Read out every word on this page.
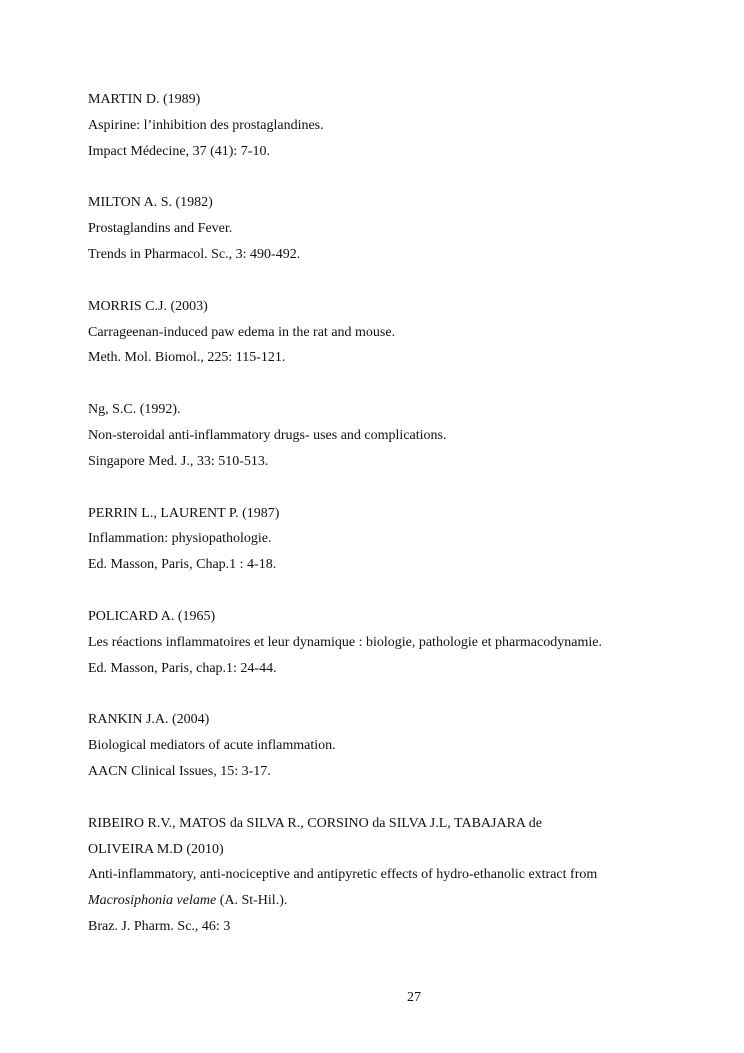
MARTIN D. (1989)
Aspirine: l’inhibition des prostaglandines.
Impact Médecine, 37 (41): 7-10.
MILTON A. S. (1982)
Prostaglandins and Fever.
Trends in Pharmacol. Sc., 3: 490-492.
MORRIS C.J. (2003)
Carrageenan-induced paw edema in the rat and mouse.
Meth. Mol. Biomol., 225: 115-121.
Ng, S.C. (1992).
Non-steroidal anti-inflammatory drugs- uses and complications.
Singapore Med. J., 33: 510-513.
PERRIN L., LAURENT P. (1987)
Inflammation: physiopathologie.
Ed. Masson, Paris, Chap.1 : 4-18.
POLICARD A. (1965)
Les réactions inflammatoires et leur dynamique : biologie, pathologie et pharmacodynamie.
Ed. Masson, Paris, chap.1: 24-44.
RANKIN J.A. (2004)
Biological mediators of acute inflammation.
AACN Clinical Issues, 15: 3-17.
RIBEIRO R.V., MATOS da SILVA R., CORSINO da SILVA J.L, TABAJARA de
OLIVEIRA M.D (2010)
Anti-inflammatory, anti-nociceptive and antipyretic effects of hydro-ethanolic extract from
Macrosiphonia velame (A. St-Hil.).
Braz. J. Pharm. Sc., 46: 3
27
